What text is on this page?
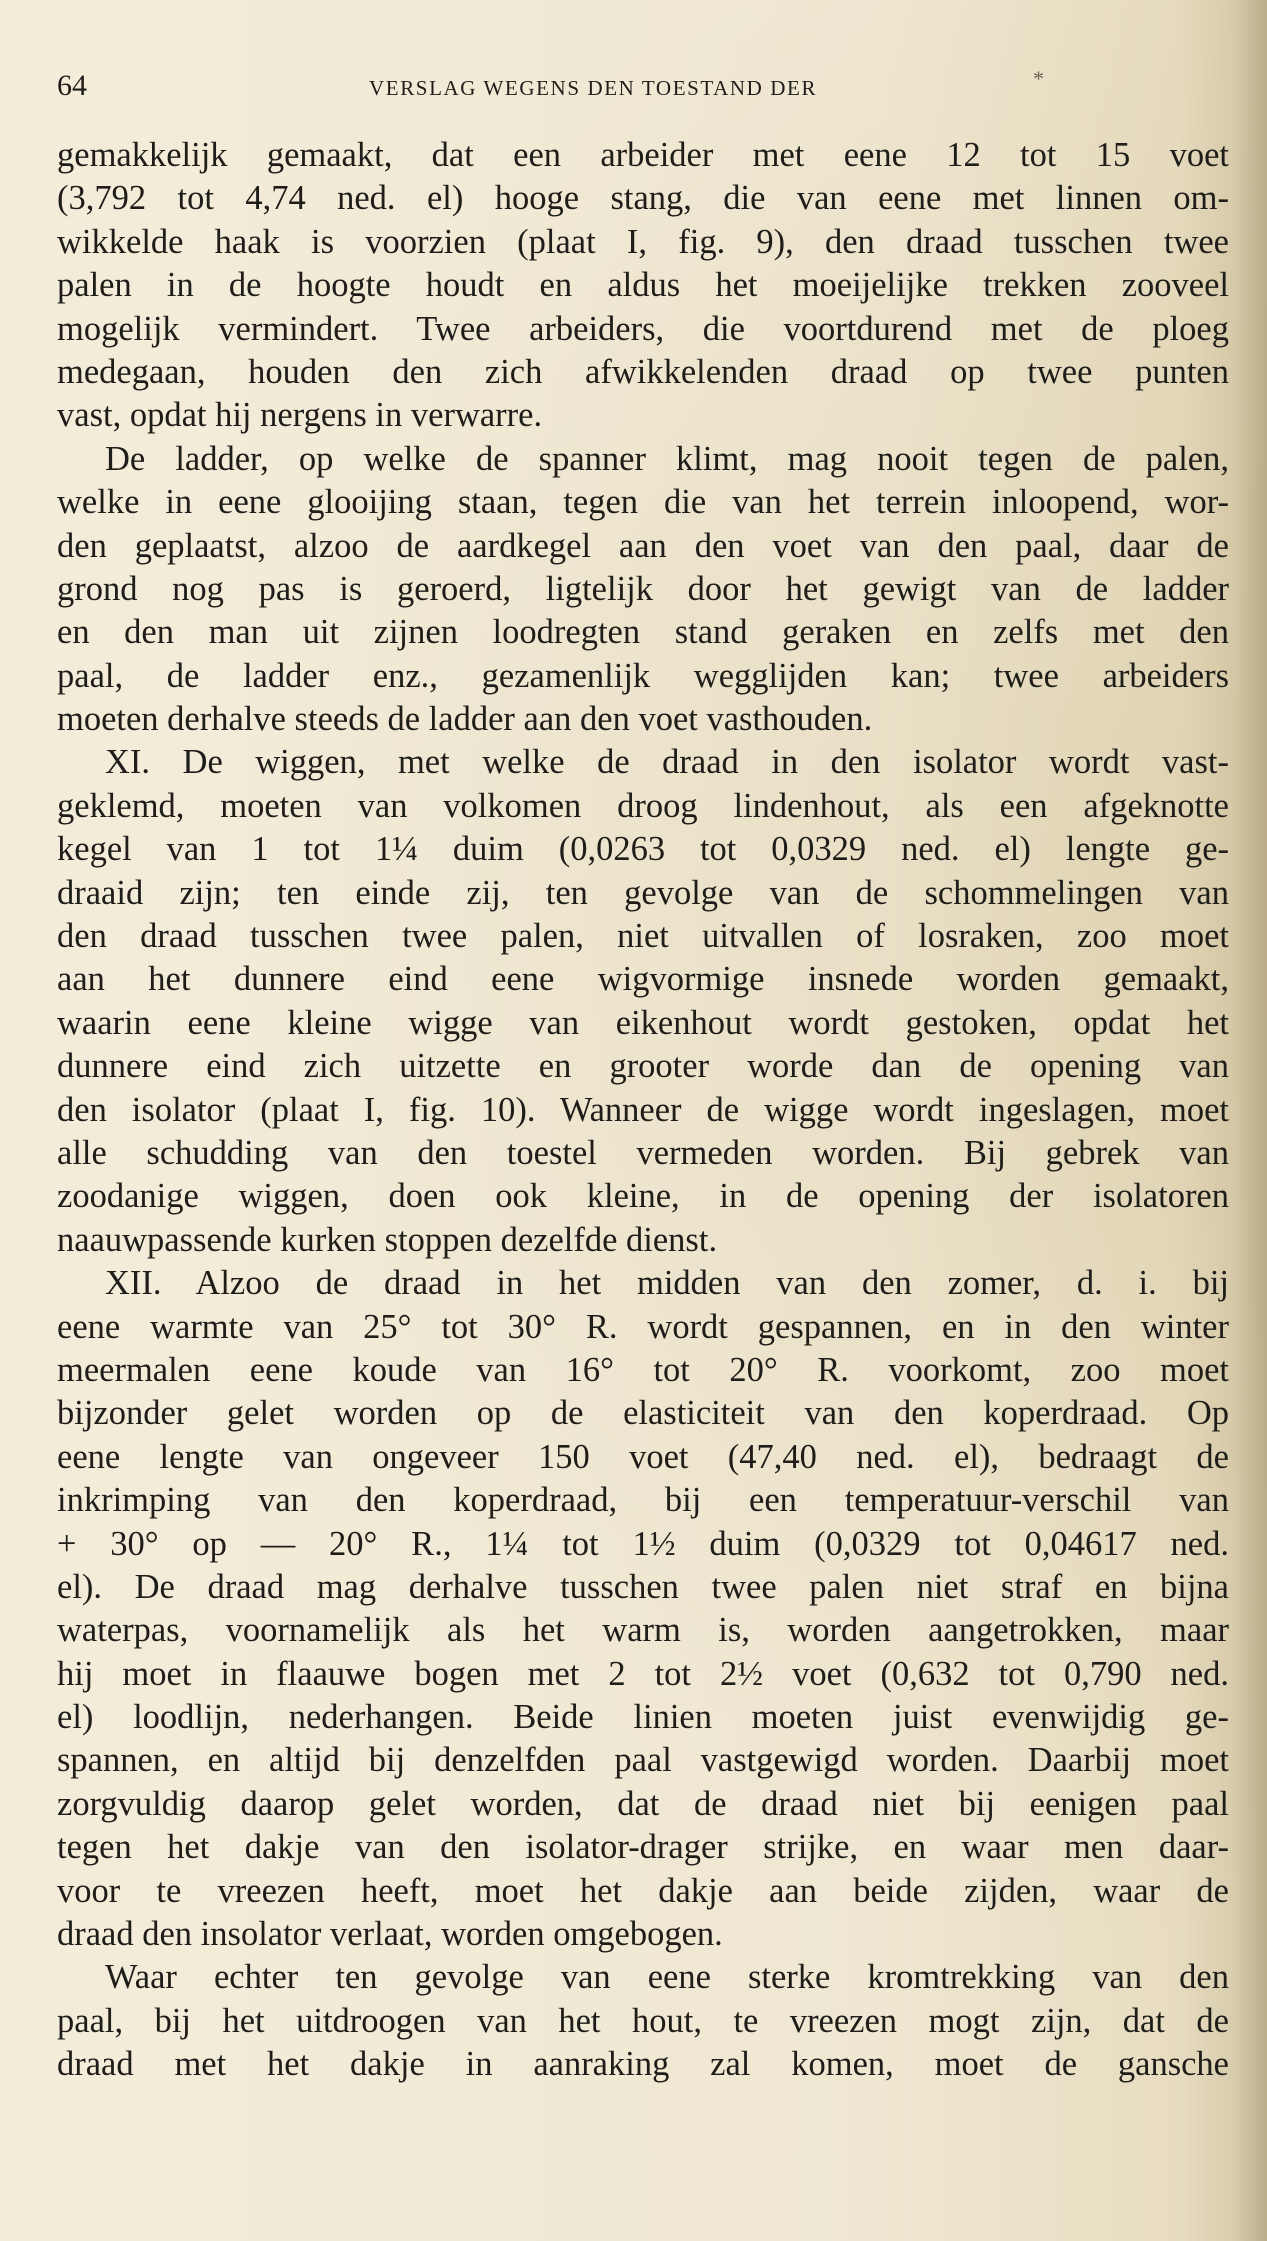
64	VERSLAG WEGENS DEN TOESTAND DER	*
gemakkelijk gemaakt, dat een arbeider met eene 12 tot 15 voet
(3,792 tot 4,74 ned. el) hooge stang, die van eene met linnen om-
wikkelde haak is voorzien (plaat I, fig. 9), den draad tusschen twee
palen in de hoogte houdt en aldus het moeijelijke trekken zooveel
mogelijk vermindert. Twee arbeiders, die voortdurend met de ploeg
medegaan, houden den zich afwikkelenden draad op twee punten
vast, opdat hij nergens in verwarre.
De ladder, op welke de spanner klimt, mag nooit tegen de palen,
welke in eene glooijing staan, tegen die van het terrein inloopend, wor-
den geplaatst, alzoo de aardkegel aan den voet van den paal, daar de
grond nog pas is geroerd, ligtelijk door het gewigt van de ladder
en den man uit zijnen loodregten stand geraken en zelfs met den
paal, de ladder enz., gezamenlijk wegglijden kan; twee arbeiders
moeten derhalve steeds de ladder aan den voet vasthouden.
XI. De wiggen, met welke de draad in den isolator wordt vast-
geklemd, moeten van volkomen droog lindenhout, als een afgeknotte
kegel van 1 tot 1¼ duim (0,0263 tot 0,0329 ned. el) lengte ge-
draaid zijn; ten einde zij, ten gevolge van de schommelingen van
den draad tusschen twee palen, niet uitvallen of losraken, zoo moet
aan het dunnere eind eene wigvormige insnede worden gemaakt,
waarin eene kleine wigge van eikenhout wordt gestoken, opdat het
dunnere eind zich uitzette en grooter worde dan de opening van
den isolator (plaat I, fig. 10). Wanneer de wigge wordt ingeslagen, moet
alle schudding van den toestel vermeden worden. Bij gebrek van
zoodanige wiggen, doen ook kleine, in de opening der isolatoren
naauwpassende kurken stoppen dezelfde dienst.
XII. Alzoo de draad in het midden van den zomer, d. i. bij
eene warmte van 25° tot 30° R. wordt gespannen, en in den winter
meermalen eene koude van 16° tot 20° R. voorkomt, zoo moet
bijzonder gelet worden op de elasticiteit van den koperdraad. Op
eene lengte van ongeveer 150 voet (47,40 ned. el), bedraagt de
inkrimping van den koperdraad, bij een temperatuur-verschil van
+ 30° op — 20° R., 1¼ tot 1½ duim (0,0329 tot 0,04617 ned.
el). De draad mag derhalve tusschen twee palen niet straf en bijna
waterpas, voornamelijk als het warm is, worden aangetrokken, maar
hij moet in flaauwe bogen met 2 tot 2½ voet (0,632 tot 0,790 ned.
el) loodlijn, nederhangen. Beide linien moeten juist evenwijdig ge-
spannen, en altijd bij denzelfden paal vastgewigd worden. Daarbij moet
zorgvuldig daarop gelet worden, dat de draad niet bij eenigen paal
tegen het dakje van den isolator-drager strijke, en waar men daar-
voor te vreezen heeft, moet het dakje aan beide zijden, waar de
draad den insolator verlaat, worden omgebogen.
Waar echter ten gevolge van eene sterke kromtrekking van den
paal, bij het uitdroogen van het hout, te vreezen mogt zijn, dat de
draad met het dakje in aanraking zal komen, moet de gansche
